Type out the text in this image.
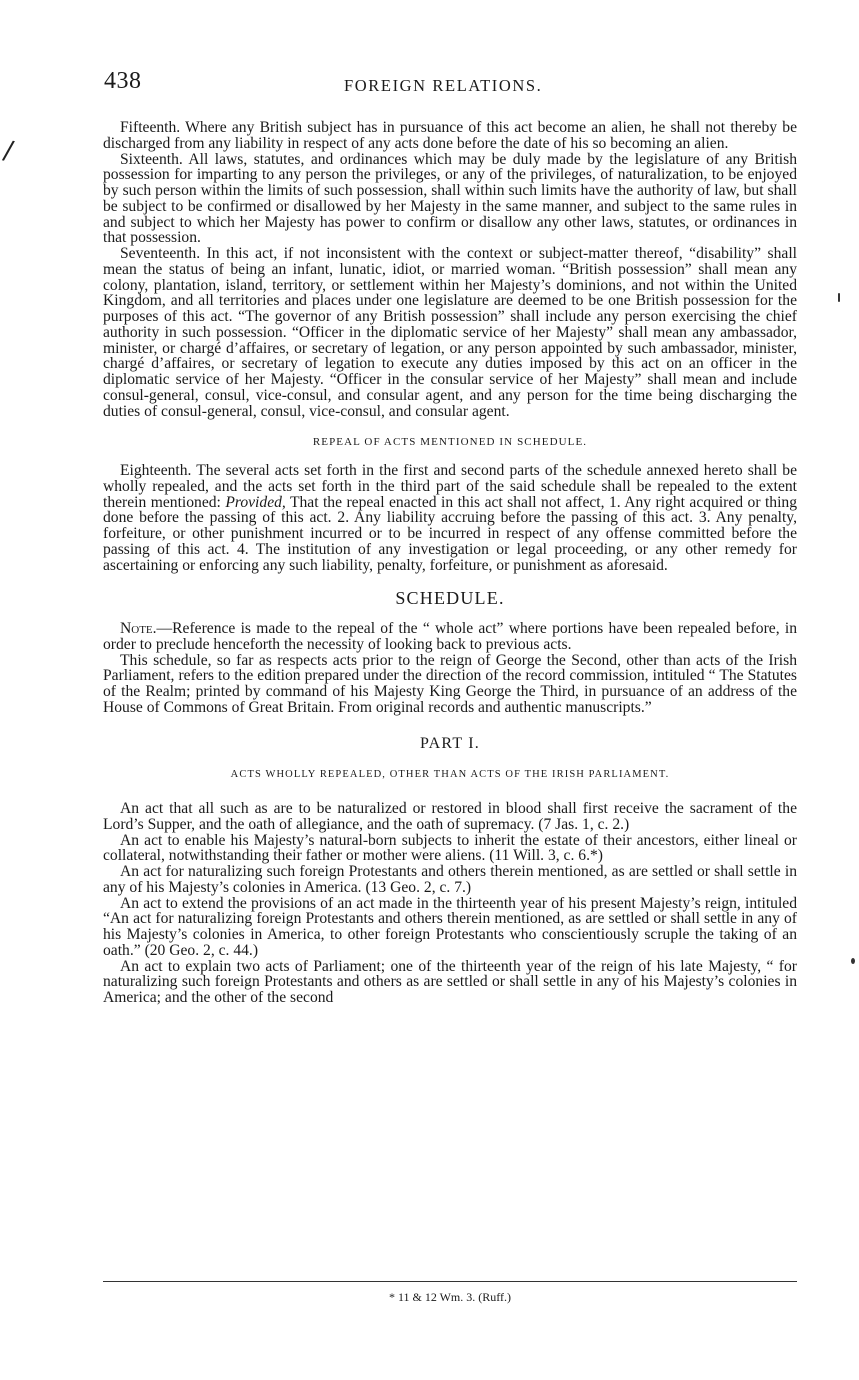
438	FOREIGN RELATIONS.
/

Fifteenth. Where any British subject has in pursuance of this act become an alien, he shall not thereby be discharged from any liability in respect of any acts done before the date of his so becoming an alien.

Sixteenth. All laws, statutes, and ordinances which may be duly made by the legislature of any British possession for imparting to any person the privileges, or any of the privileges, of naturalization, to be enjoyed by such person within the limits of such possession, shall within such limits have the authority of law, but shall be subject to be confirmed or disallowed by her Majesty in the same manner, and subject to the same rules in and subject to which her Majesty has power to confirm or disallow any other laws, statutes, or ordinances in that possession.

Seventeenth. In this act, if not inconsistent with the context or subject-matter thereof, “disability” shall mean the status of being an infant, lunatic, idiot, or married woman. “British possession” shall mean any colony, plantation, island, territory, or settlement within her Majesty’s dominions, and not within the United Kingdom, and all territories and places under one legislature are deemed to be one British possession for the purposes of this act. “The governor of any British possession” shall include any person exercising the chief authority in such possession. “Officer in the diplomatic service of her Majesty” shall mean any ambassador, minister, or chargé d’affaires, or secretary of legation, or any person appointed by such ambassador, minister, chargé d’affaires, or secretary of legation to execute any duties imposed by this act on an officer in the diplomatic service of her Majesty. “Officer in the consular service of her Majesty” shall mean and include consul-general, consul, vice-consul, and consular agent, and any person for the time being discharging the duties of consul-general, consul, vice-consul, and consular agent.

REPEAL OF ACTS MENTIONED IN SCHEDULE.

Eighteenth. The several acts set forth in the first and second parts of the schedule annexed hereto shall be wholly repealed, and the acts set forth in the third part of the said schedule shall be repealed to the extent therein mentioned: Provided, That the repeal enacted in this act shall not affect, 1. Any right acquired or thing done before the passing of this act. 2. Any liability accruing before the passing of this act. 3. Any penalty, forfeiture, or other punishment incurred or to be incurred in respect of any offense committed before the passing of this act. 4. The institution of any investigation or legal proceeding, or any other remedy for ascertaining or enforcing any such liability, penalty, forfeiture, or punishment as aforesaid.

SCHEDULE.

Note.—Reference is made to the repeal of the “ whole act” where portions have been repealed before, in order to preclude henceforth the necessity of looking back to previous acts.

This schedule, so far as respects acts prior to the reign of George the Second, other than acts of the Irish Parliament, refers to the edition prepared under the direction of the record commission, intituled “ The Statutes of the Realm; printed by command of his Majesty King George the Third, in pursuance of an address of the House of Commons of Great Britain. From original records and authentic manuscripts.”

PART I.
ACTS WHOLLY REPEALED, OTHER THAN ACTS OF THE IRISH PARLIAMENT.

An act that all such as are to be naturalized or restored in blood shall first receive the sacrament of the Lord’s Supper, and the oath of allegiance, and the oath of supremacy. (7 Jas. 1, c. 2.)

An act to enable his Majesty’s natural-born subjects to inherit the estate of their ancestors, either lineal or collateral, notwithstanding their father or mother were aliens. (11 Will. 3, c. 6.*)

An act for naturalizing such foreign Protestants and others therein mentioned, as are settled or shall settle in any of his Majesty’s colonies in America. (13 Geo. 2, c. 7.)

An act to extend the provisions of an act made in the thirteenth year of his present Majesty’s reign, intituled “An act for naturalizing foreign Protestants and others therein mentioned, as are settled or shall settle in any of his Majesty’s colonies in America, to other foreign Protestants who conscientiously scruple the taking of an oath.” (20 Geo. 2, c. 44.)

An act to explain two acts of Parliament; one of the thirteenth year of the reign of his late Majesty, “ for naturalizing such foreign Protestants and others as are settled or shall settle in any of his Majesty’s colonies in America; and the other of the second

* 11 & 12 Wm. 3. (Ruff.)
